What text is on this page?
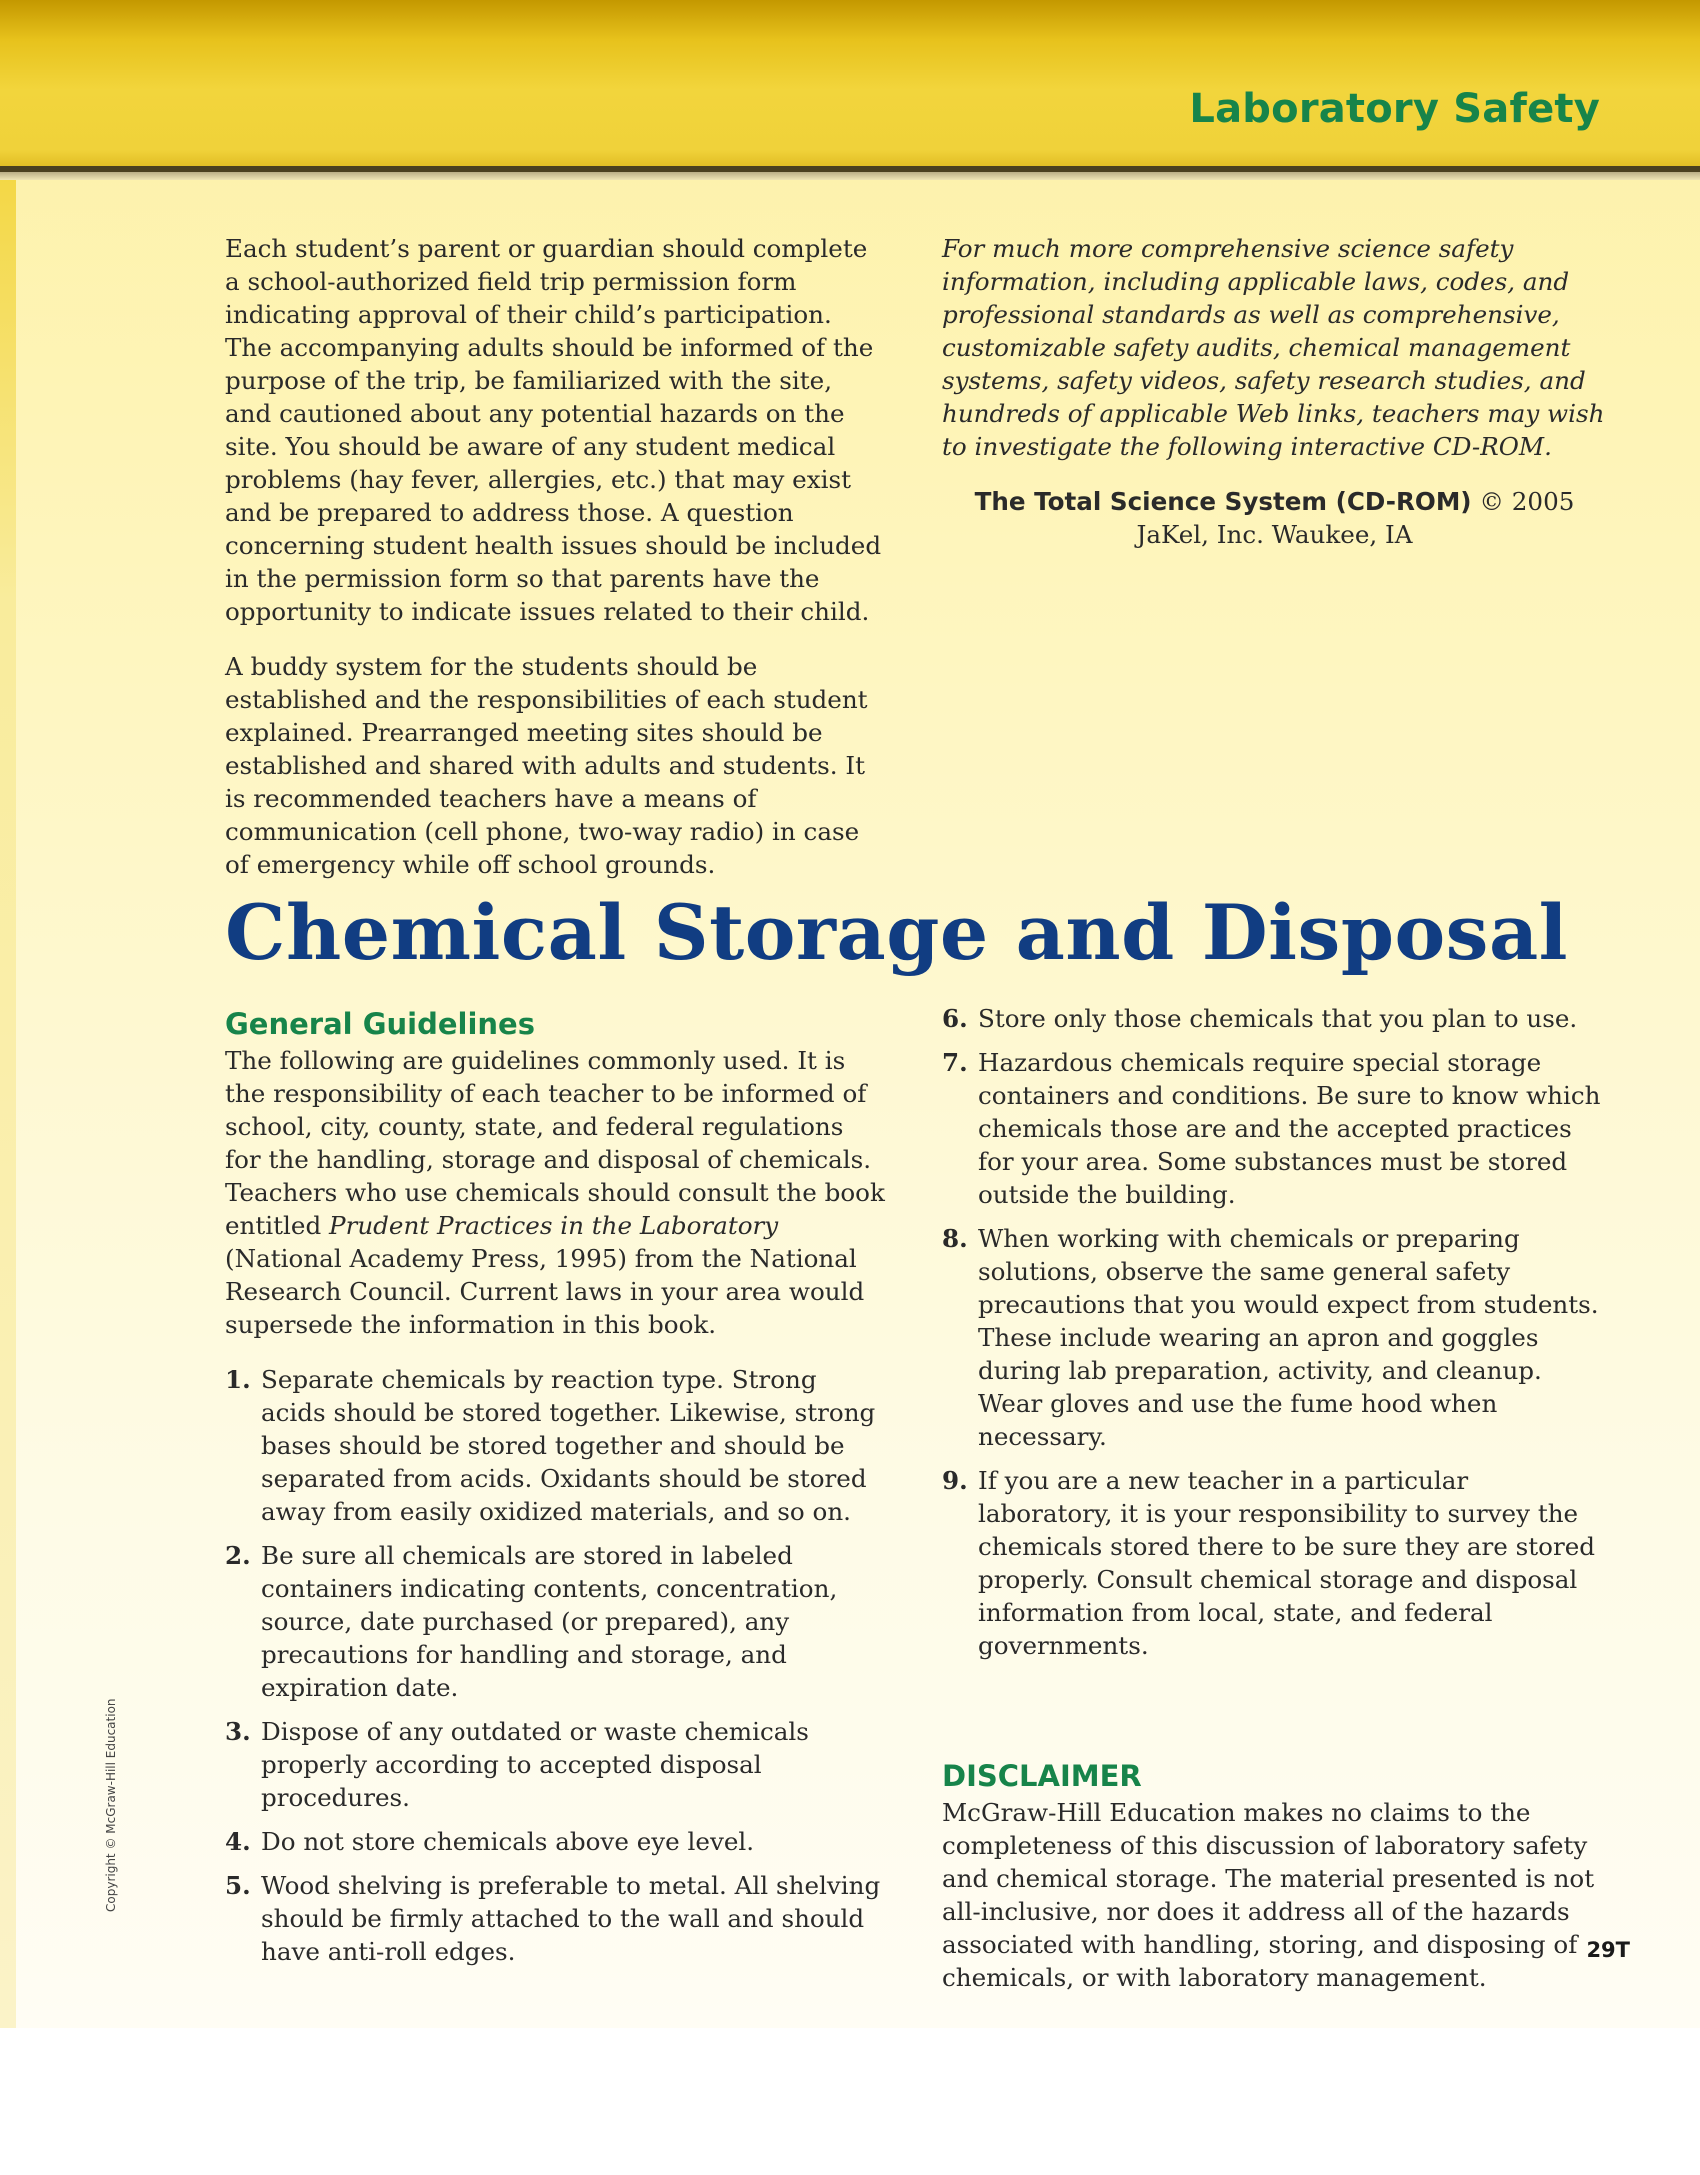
Laboratory Safety

Each student’s parent or guardian should complete a school-authorized field trip permission form indicating approval of their child’s participation. The accompanying adults should be informed of the purpose of the trip, be familiarized with the site, and cautioned about any potential hazards on the site. You should be aware of any student medical problems (hay fever, allergies, etc.) that may exist and be prepared to address those. A question concerning student health issues should be included in the permission form so that parents have the opportunity to indicate issues related to their child.

A buddy system for the students should be established and the responsibilities of each student explained. Prearranged meeting sites should be established and shared with adults and students. It is recommended teachers have a means of communication (cell phone, two-way radio) in case of emergency while off school grounds.

For much more comprehensive science safety information, including applicable laws, codes, and professional standards as well as comprehensive, customizable safety audits, chemical management systems, safety videos, safety research studies, and hundreds of applicable Web links, teachers may wish to investigate the following interactive CD-ROM.

The Total Science System (CD-ROM) © 2005
JaKel, Inc. Waukee, IA
Chemical Storage and Disposal
General Guidelines

The following are guidelines commonly used. It is the responsibility of each teacher to be informed of school, city, county, state, and federal regulations for the handling, storage and disposal of chemicals. Teachers who use chemicals should consult the book entitled Prudent Practices in the Laboratory (National Academy Press, 1995) from the National Research Council. Current laws in your area would supersede the information in this book.

1. Separate chemicals by reaction type. Strong acids should be stored together. Likewise, strong bases should be stored together and should be separated from acids. Oxidants should be stored away from easily oxidized materials, and so on.
2. Be sure all chemicals are stored in labeled containers indicating contents, concentration, source, date purchased (or prepared), any precautions for handling and storage, and expiration date.
3. Dispose of any outdated or waste chemicals properly according to accepted disposal procedures.
4. Do not store chemicals above eye level.
5. Wood shelving is preferable to metal. All shelving should be firmly attached to the wall and should have anti-roll edges.
6. Store only those chemicals that you plan to use.
7. Hazardous chemicals require special storage containers and conditions. Be sure to know which chemicals those are and the accepted practices for your area. Some substances must be stored outside the building.
8. When working with chemicals or preparing solutions, observe the same general safety precautions that you would expect from students. These include wearing an apron and goggles during lab preparation, activity, and cleanup. Wear gloves and use the fume hood when necessary.
9. If you are a new teacher in a particular laboratory, it is your responsibility to survey the chemicals stored there to be sure they are stored properly. Consult chemical storage and disposal information from local, state, and federal governments.
DISCLAIMER

McGraw-Hill Education makes no claims to the completeness of this discussion of laboratory safety and chemical storage. The material presented is not all-inclusive, nor does it address all of the hazards associated with handling, storing, and disposing of chemicals, or with laboratory management.

Copyright © McGraw-Hill Education
29T
